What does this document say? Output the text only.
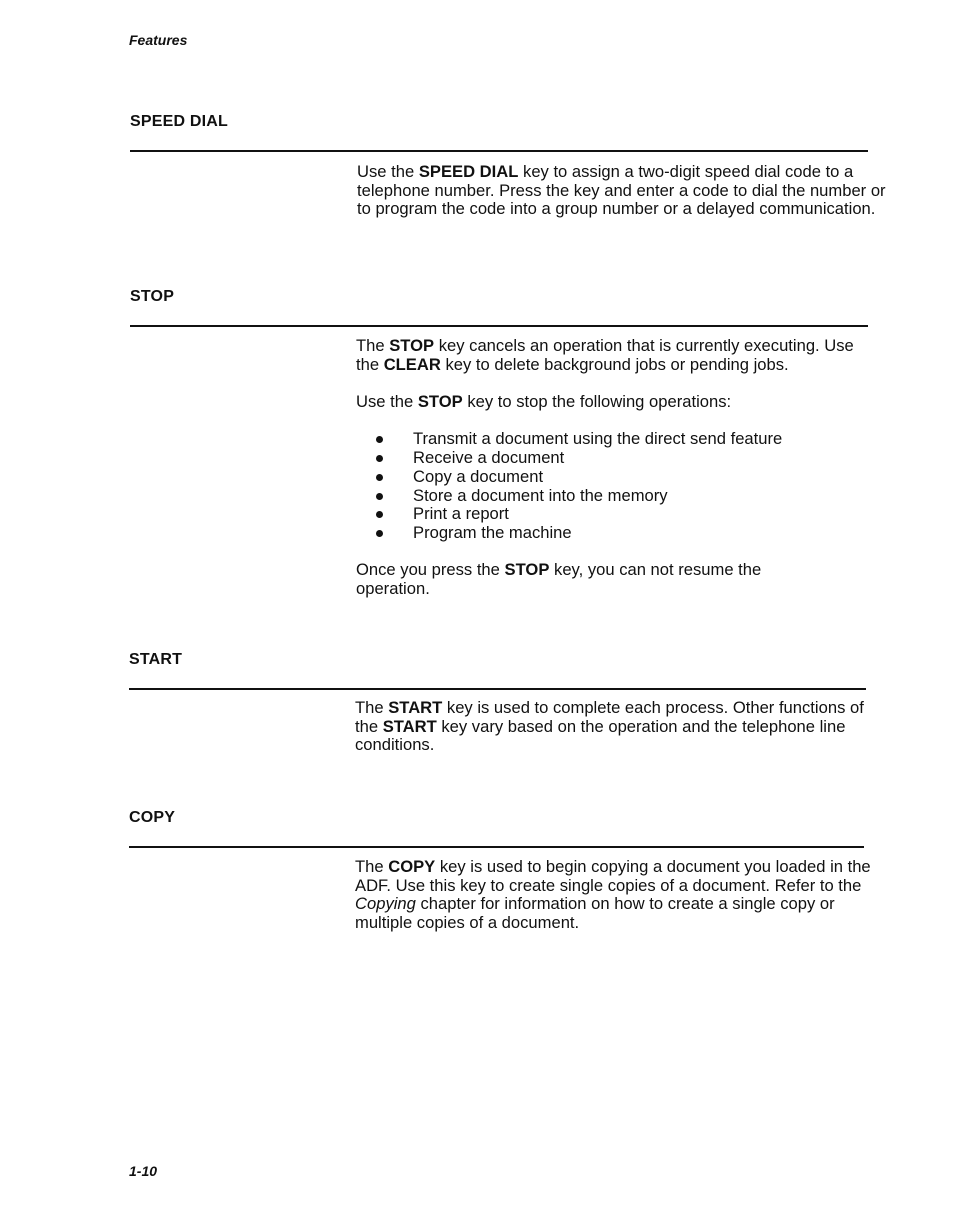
Features
SPEED DIAL

Use the SPEED DIAL key to assign a two-digit speed dial code to a telephone number. Press the key and enter a code to dial the number or to program the code into a group number or a delayed communication.

STOP

The STOP key cancels an operation that is currently executing. Use the CLEAR key to delete background jobs or pending jobs.

Use the STOP key to stop the following operations:

Transmit a document using the direct send feature
Receive a document
Copy a document
Store a document into the memory
Print a report
Program the machine

Once you press the STOP key, you can not resume the operation.

START

The START key is used to complete each process. Other functions of the START key vary based on the operation and the telephone line conditions.

COPY

The COPY key is used to begin copying a document you loaded in the ADF. Use this key to create single copies of a document. Refer to the Copying chapter for information on how to create a single copy or multiple copies of a document.

1-10
